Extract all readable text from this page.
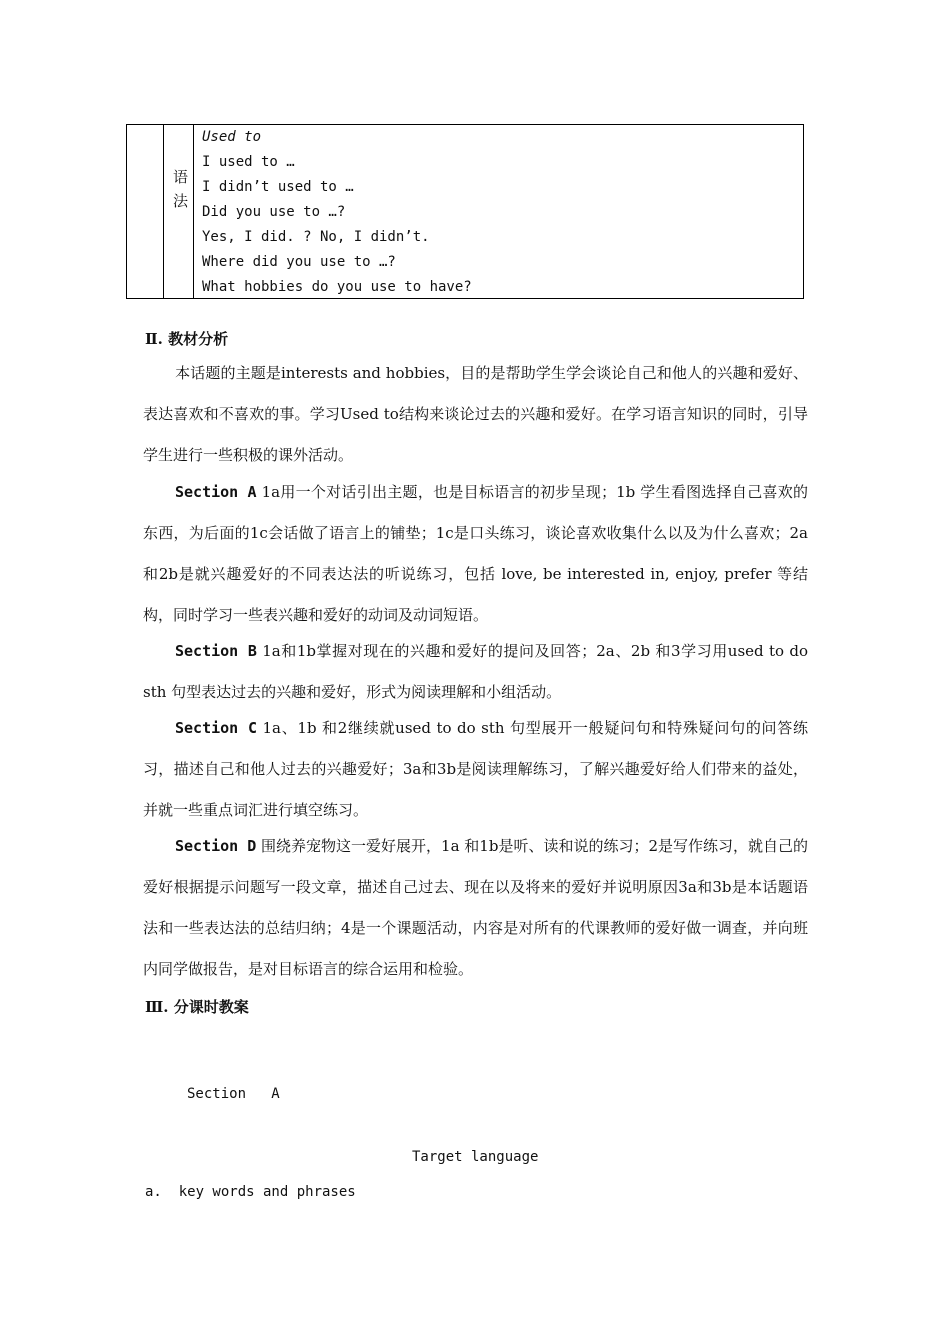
语法
Used to
I used to …
I didn’t used to …
Did you use to …?
Yes, I did. ? No, I didn’t.
Where did you use to …?
What hobbies do you use to have?
Ⅱ. 教材分析
本话题的主题是interests and hobbies，目的是帮助学生学会谈论自己和他人的兴趣和爱好、表达喜欢和不喜欢的事。学习Used to结构来谈论过去的兴趣和爱好。在学习语言知识的同时，引导学生进行一些积极的课外活动。
Section A 1a用一个对话引出主题，也是目标语言的初步呈现；1b 学生看图选择自己喜欢的东西，为后面的1c会话做了语言上的铺垫；1c是口头练习，谈论喜欢收集什么以及为什么喜欢；2a和2b是就兴趣爱好的不同表达法的听说练习，包括 love, be interested in, enjoy, prefer 等结构，同时学习一些表兴趣和爱好的动词及动词短语。
Section B 1a和1b掌握对现在的兴趣和爱好的提问及回答；2a、2b 和3学习用used to do sth 句型表达过去的兴趣和爱好，形式为阅读理解和小组活动。
Section C 1a、1b 和2继续就used to do sth 句型展开一般疑问句和特殊疑问句的问答练习，描述自己和他人过去的兴趣爱好；3a和3b是阅读理解练习，了解兴趣爱好给人们带来的益处，并就一些重点词汇进行填空练习。
Section D 围绕养宠物这一爱好展开，1a 和1b是听、读和说的练习；2是写作练习，就自己的爱好根据提示问题写一段文章，描述自己过去、现在以及将来的爱好并说明原因3a和3b是本话题语法和一些表达法的总结归纳；4是一个课题活动，内容是对所有的代课教师的爱好做一调查，并向班内同学做报告，是对目标语言的综合运用和检验。
Ⅲ. 分课时教案
Section   A
Target language
a.  key words and phrases
